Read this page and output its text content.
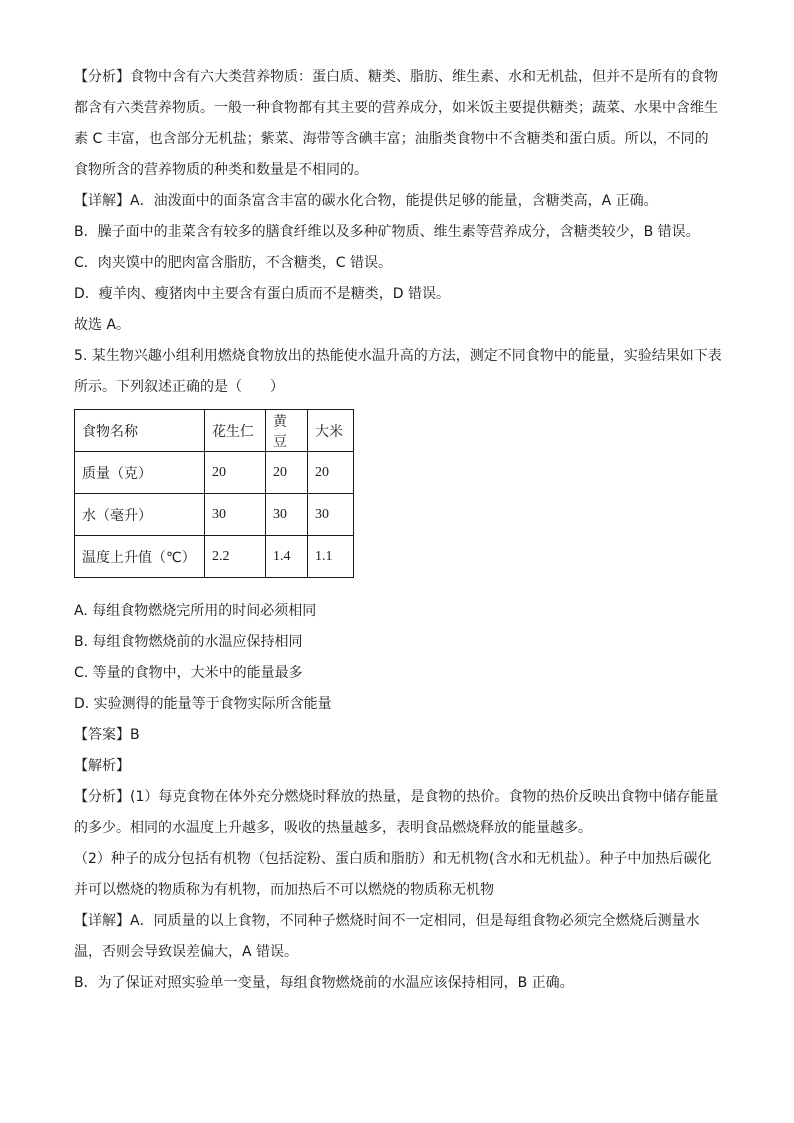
【分析】食物中含有六大类营养物质：蛋白质、糖类、脂肪、维生素、水和无机盐，但并不是所有的食物都含有六类营养物质。一般一种食物都有其主要的营养成分，如米饭主要提供糖类；蔬菜、水果中含维生素 C 丰富，也含部分无机盐；紫菜、海带等含碘丰富；油脂类食物中不含糖类和蛋白质。所以，不同的食物所含的营养物质的种类和数量是不相同的。

【详解】A．油泼面中的面条富含丰富的碳水化合物，能提供足够的能量，含糖类高，A 正确。

B．臊子面中的韭菜含有较多的膳食纤维以及多种矿物质、维生素等营养成分，含糖类较少，B 错误。

C．肉夹馍中的肥肉富含脂肪，不含糖类，C 错误。

D．瘦羊肉、瘦猪肉中主要含有蛋白质而不是糖类，D 错误。

故选 A。

5. 某生物兴趣小组利用燃烧食物放出的热能使水温升高的方法，测定不同食物中的能量，实验结果如下表所示。下列叙述正确的是（　　）

食物名称	花生仁	黄豆	大米
质量（克）	20	20	20
水（毫升）	30	30	30
温度上升值（℃）	2.2	1.4	1.1

A. 每组食物燃烧完所用的时间必须相同

B. 每组食物燃烧前的水温应保持相同

C. 等量的食物中，大米中的能量最多

D. 实验测得的能量等于食物实际所含能量

【答案】B

【解析】

【分析】(1）每克食物在体外充分燃烧时释放的热量，是食物的热价。食物的热价反映出食物中储存能量的多少。相同的水温度上升越多，吸收的热量越多，表明食品燃烧释放的能量越多。

（2）种子的成分包括有机物（包括淀粉、蛋白质和脂肪）和无机物(含水和无机盐）。种子中加热后碳化并可以燃烧的物质称为有机物，而加热后不可以燃烧的物质称无机物

【详解】A．同质量的以上食物，不同种子燃烧时间不一定相同，但是每组食物必须完全燃烧后测量水温，否则会导致误差偏大，A 错误。

B．为了保证对照实验单一变量，每组食物燃烧前的水温应该保持相同，B 正确。
